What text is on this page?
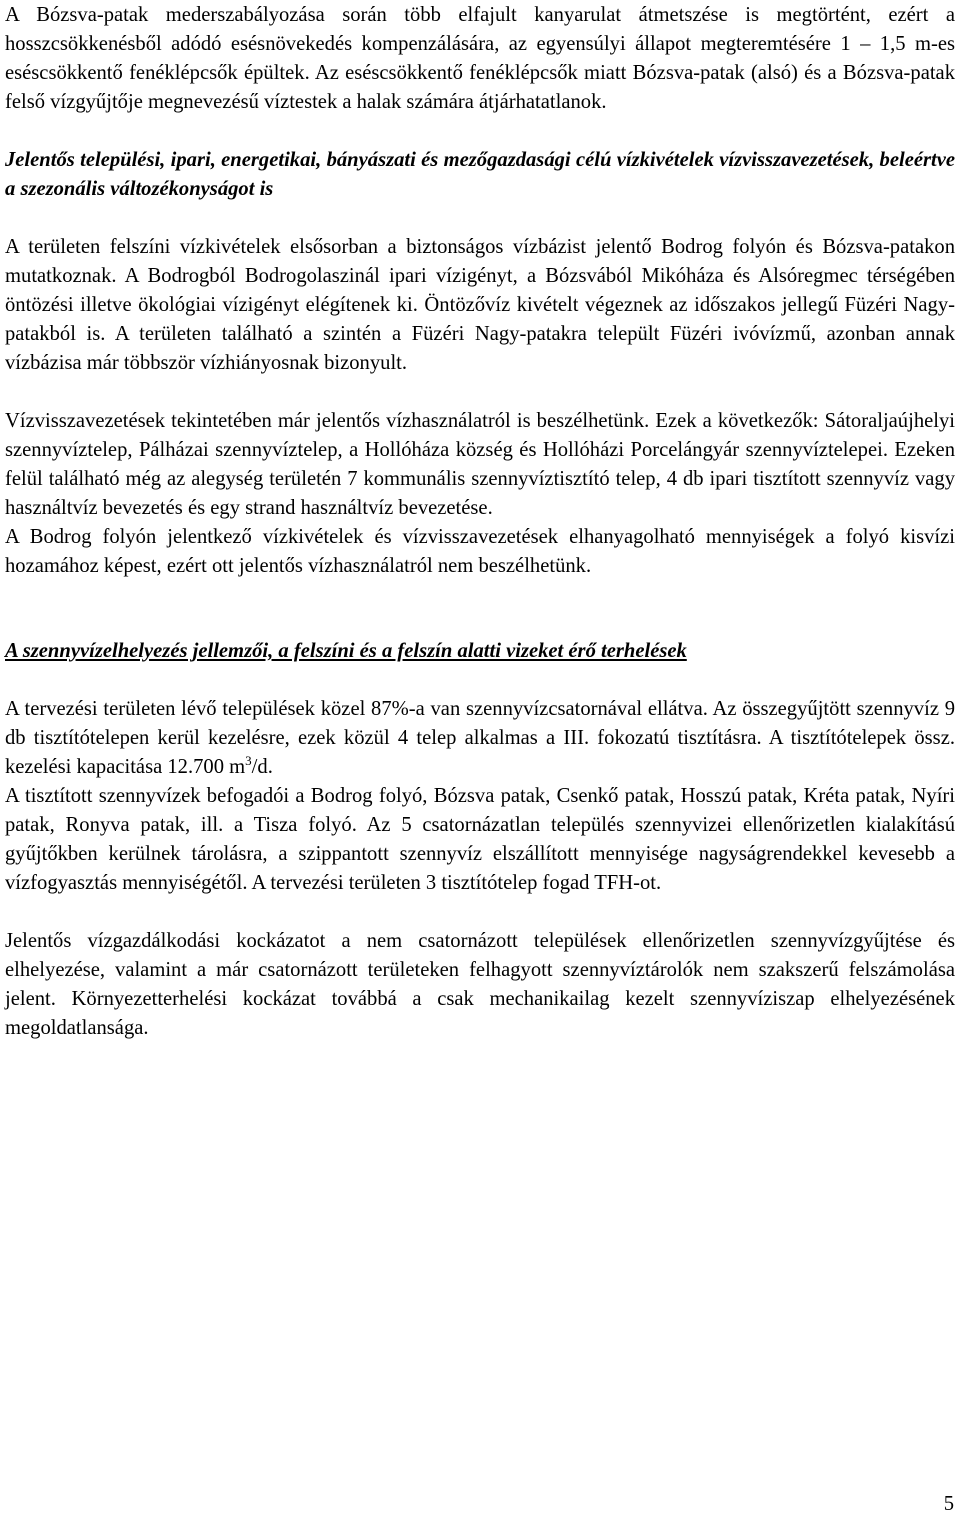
A Bózsva-patak mederszabályozása során több elfajult kanyarulat átmetszése is megtörtént, ezért a hosszcsökkenésből adódó esésnövekedés kompenzálására, az egyensúlyi állapot megteremtésére 1 – 1,5 m-es eséscsökkentő fenéklépcsők épültek. Az eséscsökkentő fenéklépcsők miatt Bózsva-patak (alsó) és a Bózsva-patak felső vízgyűjtője megnevezésű víztestek a halak számára átjárhatatlanok.

Jelentős települési, ipari, energetikai, bányászati és mezőgazdasági célú vízkivételek vízvisszavezetések, beleértve a szezonális változékonyságot is

A területen felszíni vízkivételek elsősorban a biztonságos vízbázist jelentő Bodrog folyón és Bózsva-patakon mutatkoznak. A Bodrogból Bodrogolaszinál ipari vízigényt, a Bózsvából Mikóháza és Alsóregmec térségében öntözési illetve ökológiai vízigényt elégítenek ki. Öntözővíz kivételt végeznek az időszakos jellegű Füzéri Nagy-patakból is. A területen található a szintén a Füzéri Nagy-patakra települt Füzéri ivóvízmű, azonban annak vízbázisa már többször vízhiányosnak bizonyult.

Vízvisszavezetések tekintetében már jelentős vízhasználatról is beszélhetünk. Ezek a következők: Sátoraljaújhelyi szennyvíztelep, Pálházai szennyvíztelep, a Hollóháza község és Hollóházi Porcelángyár szennyvíztelepei. Ezeken felül található még az alegység területén 7 kommunális szennyvíztisztító telep, 4 db ipari tisztított szennyvíz vagy használtvíz bevezetés és egy strand használtvíz bevezetése.

A Bodrog folyón jelentkező vízkivételek és vízvisszavezetések elhanyagolható mennyiségek a folyó kisvízi hozamához képest, ezért ott jelentős vízhasználatról nem beszélhetünk.

A szennyvízelhelyezés jellemzői, a felszíni és a felszín alatti vizeket érő terhelések

A tervezési területen lévő települések közel 87%-a van szennyvízcsatornával ellátva. Az összegyűjtött szennyvíz 9 db tisztítótelepen kerül kezelésre, ezek közül 4 telep alkalmas a III. fokozatú tisztításra. A tisztítótelepek össz. kezelési kapacitása 12.700 $m^3/d$.

A tisztított szennyvízek befogadói a Bodrog folyó, Bózsva patak, Csenkő patak, Hosszú patak, Kréta patak, Nyíri patak, Ronyva patak, ill. a Tisza folyó. Az 5 csatornázatlan település szennyvizei ellenőrizetlen kialakítású gyűjtőkben kerülnek tárolásra, a szippantott szennyvíz elszállított mennyisége nagyságrendekkel kevesebb a vízfogyasztás mennyiségétől. A tervezési területen 3 tisztítótelep fogad TFH-ot.

Jelentős vízgazdálkodási kockázatot a nem csatornázott települések ellenőrizetlen szennyvízgyűjtése és elhelyezése, valamint a már csatornázott területeken felhagyott szennyvíztárolók nem szakszerű felszámolása jelent. Környezetterhelési kockázat továbbá a csak mechanikailag kezelt szennyvíziszap elhelyezésének megoldatlansága.

5
